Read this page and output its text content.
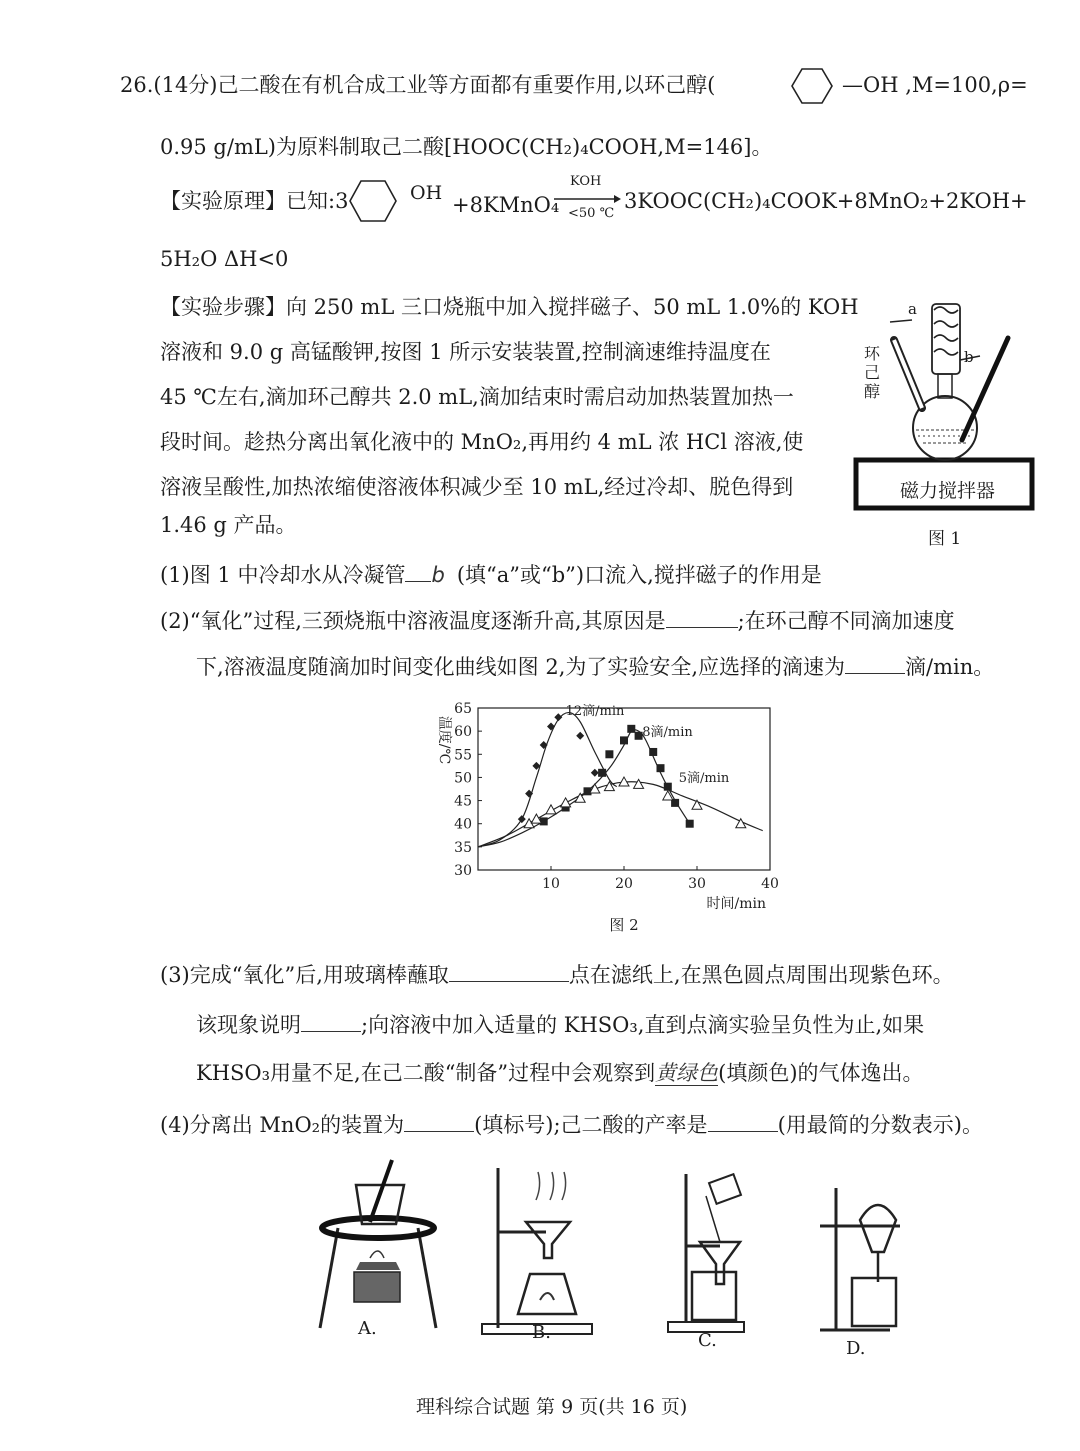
26.(14分)己二酸在有机合成工业等方面都有重要作用,以环己醇(	—OH ,M=100,ρ=
0.95 g/mL)为原料制取己二酸[HOOC(CH₂)₄COOH,M=146]。
【实验原理】已知:3	OH +8KMnO₄
KOH
<50 ℃
3KOOC(CH₂)₄COOK+8MnO₂+2KOH+
5H₂O ΔH<0
【实验步骤】向 250 mL 三口烧瓶中加入搅拌磁子、50 mL 1.0%的 KOH
溶液和 9.0 g 高锰酸钾,按图 1 所示安装装置,控制滴速维持温度在
45 ℃左右,滴加环己醇共 2.0 mL,滴加结束时需启动加热装置加热一
段时间。趁热分离出氧化液中的 MnO₂,再用约 4 mL 浓 HCl 溶液,使
溶液呈酸性,加热浓缩使溶液体积减少至 10 mL,经过冷却、脱色得到
1.46 g 产品。
a
b
环
己
醇
磁力搅拌器
图 1
(1)图 1 中冷却水从冷凝管 b (填“a”或“b”)口流入,搅拌磁子的作用是
(2)“氧化”过程,三颈烧瓶中溶液温度逐渐升高,其原因是	;在环己醇不同滴加速度
下,溶液温度随滴加时间变化曲线如图 2,为了实验安全,应选择的滴速为	滴/min。
30
35
40
45
50
55
60
65
10	20	30	40
时间/min
温度/℃
图 2
12滴/min
8滴/min
5滴/min
(3)完成“氧化”后,用玻璃棒蘸取	点在滤纸上,在黑色圆点周围出现紫色环。
该现象说明	;向溶液中加入适量的 KHSO₃,直到点滴实验呈负性为止,如果
KHSO₃用量不足,在己二酸“制备”过程中会观察到黄绿色(填颜色)的气体逸出。
(4)分离出 MnO₂的装置为	(填标号);己二酸的产率是	(用最简的分数表示)。
A.	B.	C.	D.
理科综合试题 第 9 页(共 16 页)
